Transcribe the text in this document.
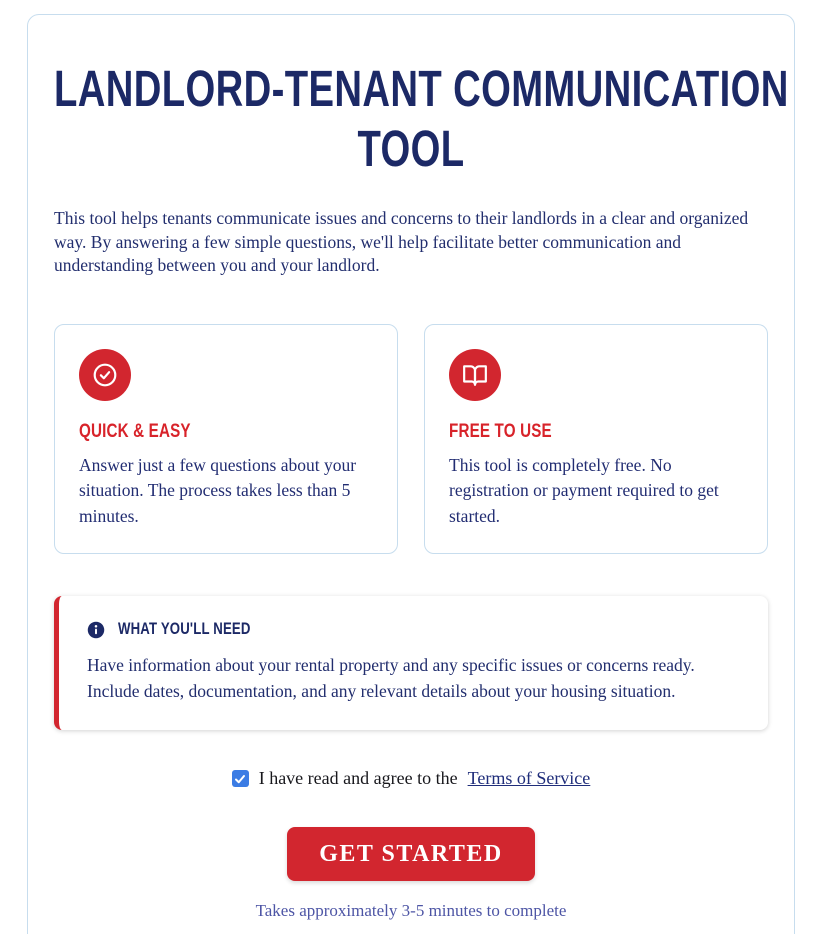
LANDLORD-TENANT COMMUNICATION
TOOL

This tool helps tenants communicate issues and concerns to their landlords in a clear and organized way. By answering a few simple questions, we'll help facilitate better communication and understanding between you and your landlord.

QUICK & EASY
Answer just a few questions about your situation. The process takes less than 5 minutes.
FREE TO USE
This tool is completely free. No registration or payment required to get started.
WHAT YOU'LL NEED
Have information about your rental property and any specific issues or concerns ready. Include dates, documentation, and any relevant details about your housing situation.
I have read and agree to the Terms of Service
GET STARTED
Takes approximately 3-5 minutes to complete
